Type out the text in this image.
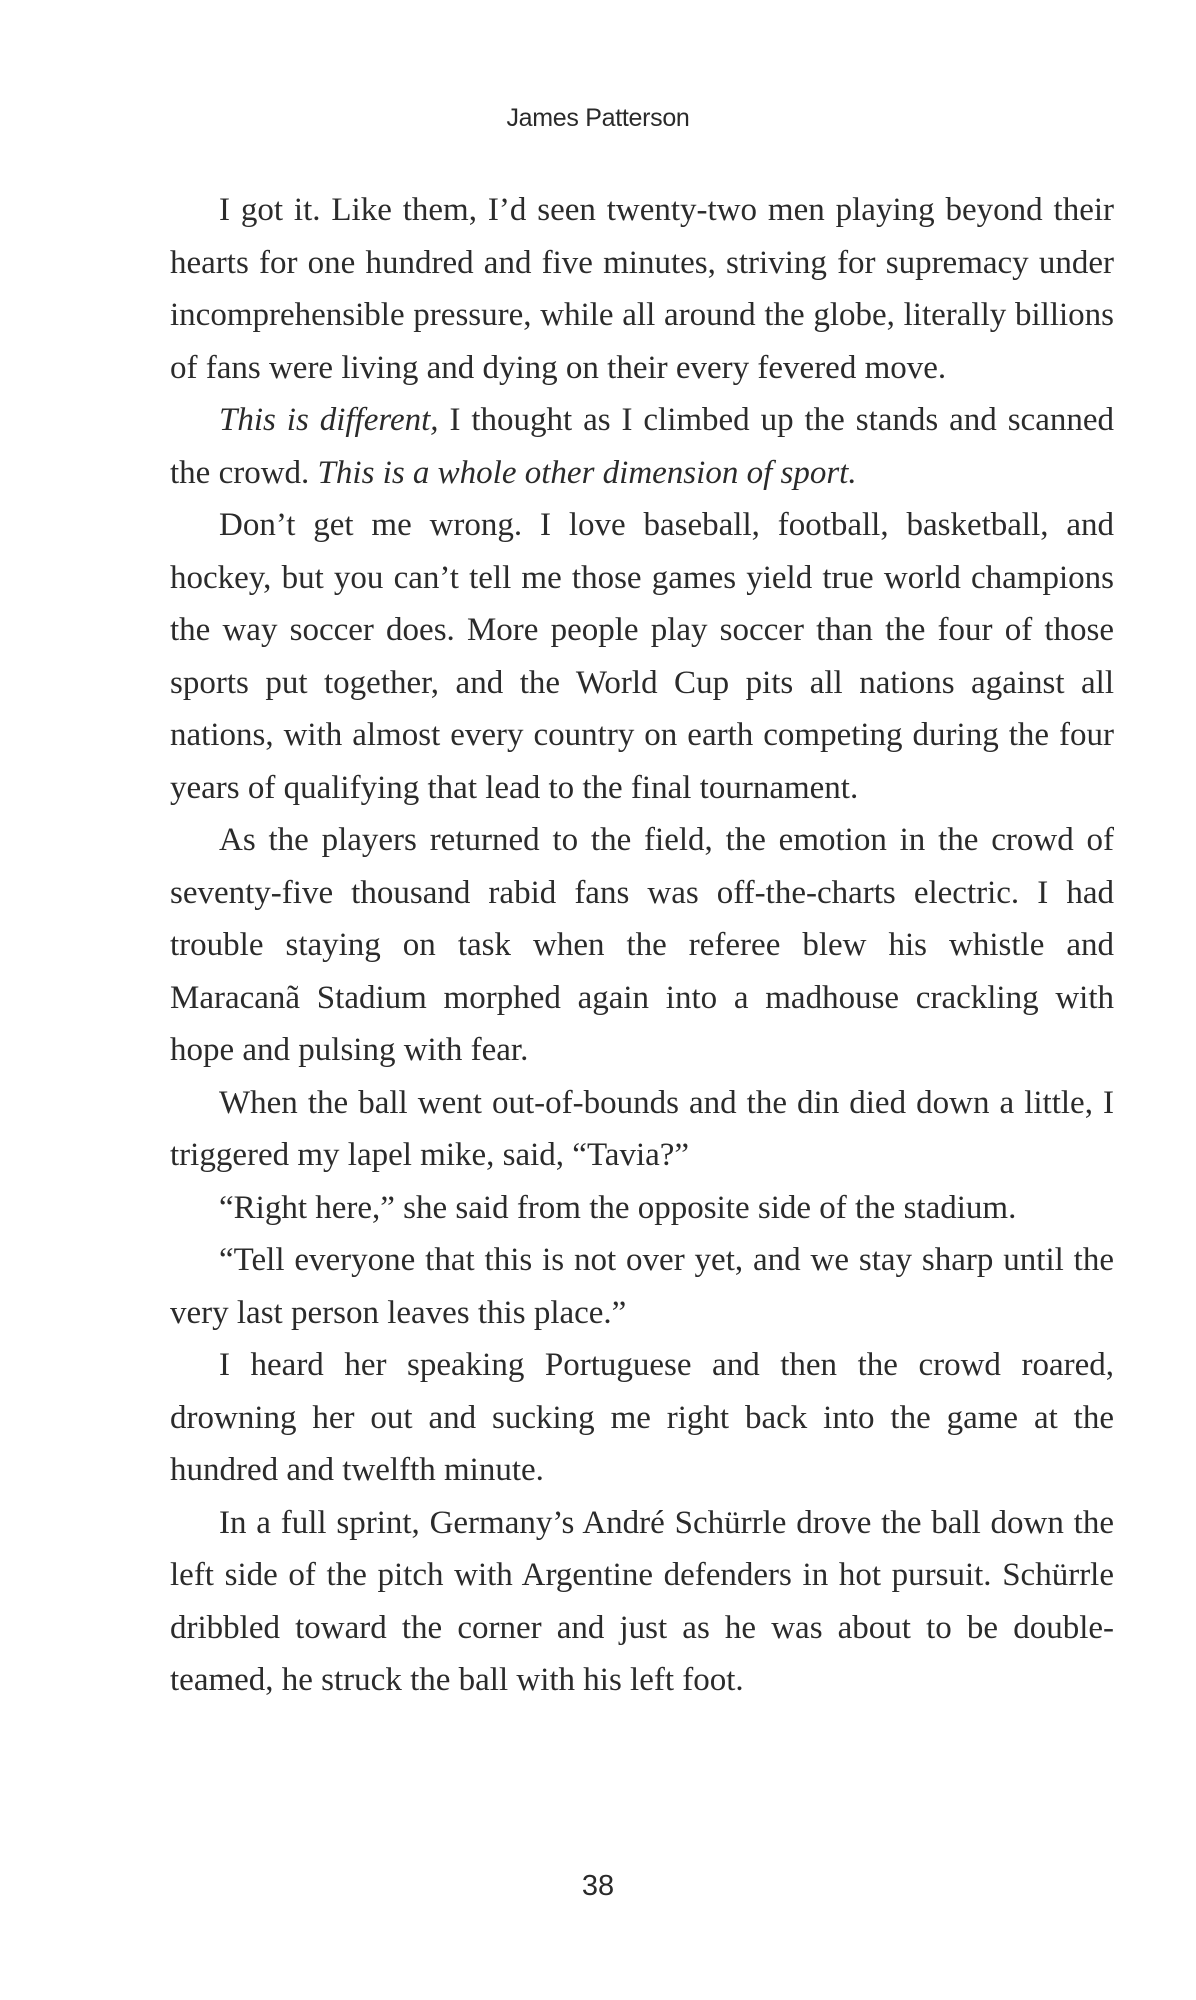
James Patterson

I got it. Like them, I’d seen twenty-two men playing beyond their hearts for one hundred and five minutes, striving for supremacy under incomprehensible pressure, while all around the globe, literally billions of fans were living and dying on their every fevered move.

This is different, I thought as I climbed up the stands and scanned the crowd. This is a whole other dimension of sport.

Don’t get me wrong. I love baseball, football, basketball, and hockey, but you can’t tell me those games yield true world champions the way soccer does. More people play soccer than the four of those sports put together, and the World Cup pits all nations against all nations, with almost every country on earth competing during the four years of qualifying that lead to the final tournament.

As the players returned to the field, the emotion in the crowd of seventy-five thousand rabid fans was off-the-charts electric. I had trouble staying on task when the referee blew his whistle and Maracanã Stadium morphed again into a madhouse crackling with hope and pulsing with fear.

When the ball went out-of-bounds and the din died down a little, I triggered my lapel mike, said, “Tavia?”

“Right here,” she said from the opposite side of the stadium.

“Tell everyone that this is not over yet, and we stay sharp until the very last person leaves this place.”

I heard her speaking Portuguese and then the crowd roared, drowning her out and sucking me right back into the game at the hundred and twelfth minute.

In a full sprint, Germany’s André Schürrle drove the ball down the left side of the pitch with Argentine defenders in hot pursuit. Schürrle dribbled toward the corner and just as he was about to be double-teamed, he struck the ball with his left foot.

38
